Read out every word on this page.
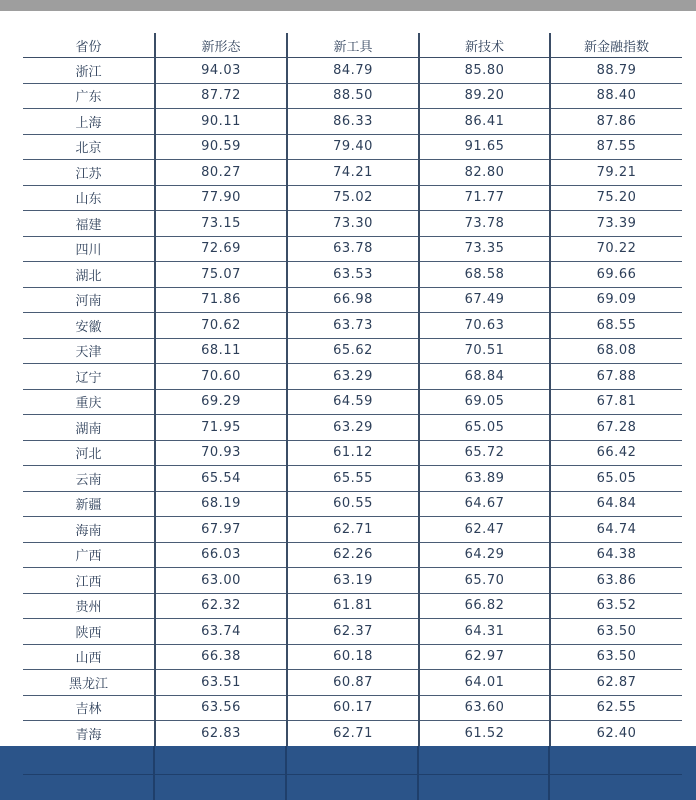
省份	新形态	新工具	新技术	新金融指数
浙江	94.03	84.79	85.80	88.79
广东	87.72	88.50	89.20	88.40
上海	90.11	86.33	86.41	87.86
北京	90.59	79.40	91.65	87.55
江苏	80.27	74.21	82.80	79.21
山东	77.90	75.02	71.77	75.20
福建	73.15	73.30	73.78	73.39
四川	72.69	63.78	73.35	70.22
湖北	75.07	63.53	68.58	69.66
河南	71.86	66.98	67.49	69.09
安徽	70.62	63.73	70.63	68.55
天津	68.11	65.62	70.51	68.08
辽宁	70.60	63.29	68.84	67.88
重庆	69.29	64.59	69.05	67.81
湖南	71.95	63.29	65.05	67.28
河北	70.93	61.12	65.72	66.42
云南	65.54	65.55	63.89	65.05
新疆	68.19	60.55	64.67	64.84
海南	67.97	62.71	62.47	64.74
广西	66.03	62.26	64.29	64.38
江西	63.00	63.19	65.70	63.86
贵州	62.32	61.81	66.82	63.52
陕西	63.74	62.37	64.31	63.50
山西	66.38	60.18	62.97	63.50
黑龙江	63.51	60.87	64.01	62.87
吉林	63.56	60.17	63.60	62.55
青海	62.83	62.71	61.52	62.40
